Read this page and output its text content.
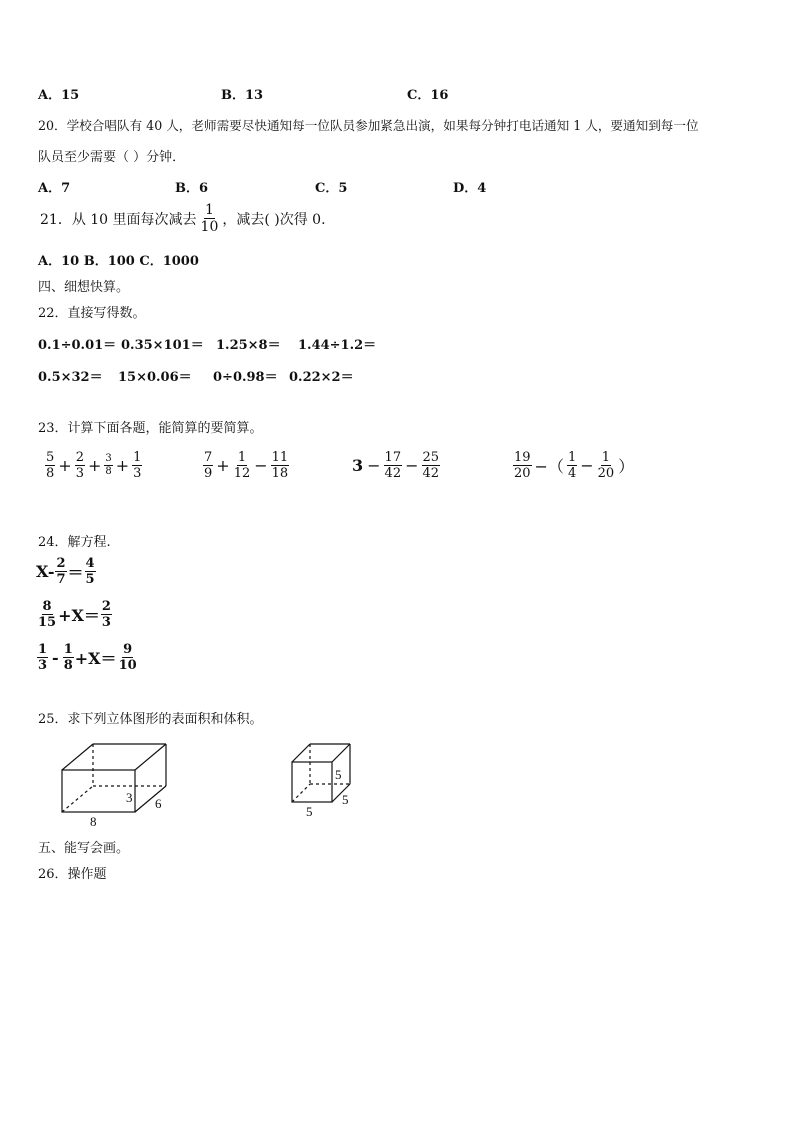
A．15	B．13	C．16
20．学校合唱队有 40 人，老师需要尽快通知每一位队员参加紧急出演，如果每分钟打电话通知 1 人，要通知到每一位
队员至少需要（ ）分钟．
A．7	B．6	C．5	D．4
21．从 10 里面每次减去 $\frac{1}{10}$ ，减去( )次得 0.
A．10 B．100 C．1000
四、细想快算。
22．直接写得数。
0.1÷0.01＝ 0.35×101＝ 1.25×8＝ 1.44÷1.2＝
0.5×32＝ 15×0.06＝ 0÷0.98＝ 0.22×2＝
23．计算下面各题，能简算的要简算。
$\frac{5}{8} + \frac{2}{3} + \frac{3}{8} + \frac{1}{3}$	$\frac{7}{9} + \frac{1}{12} - \frac{11}{18}$	$3 - \frac{17}{42} - \frac{25}{42}$	$\frac{19}{20}$ −（ $\frac{1}{4} - \frac{1}{20}$ ）
24．解方程.
$X- \frac{2}{7} = \frac{4}{5}$
$\frac{8}{15} +X= \frac{2}{3}$
$\frac{1}{3} - \frac{1}{8} +X= \frac{9}{10}$
25．求下列立体图形的表面积和体积。
3 6
8
5
5
5
五、能写会画。
26．操作题
